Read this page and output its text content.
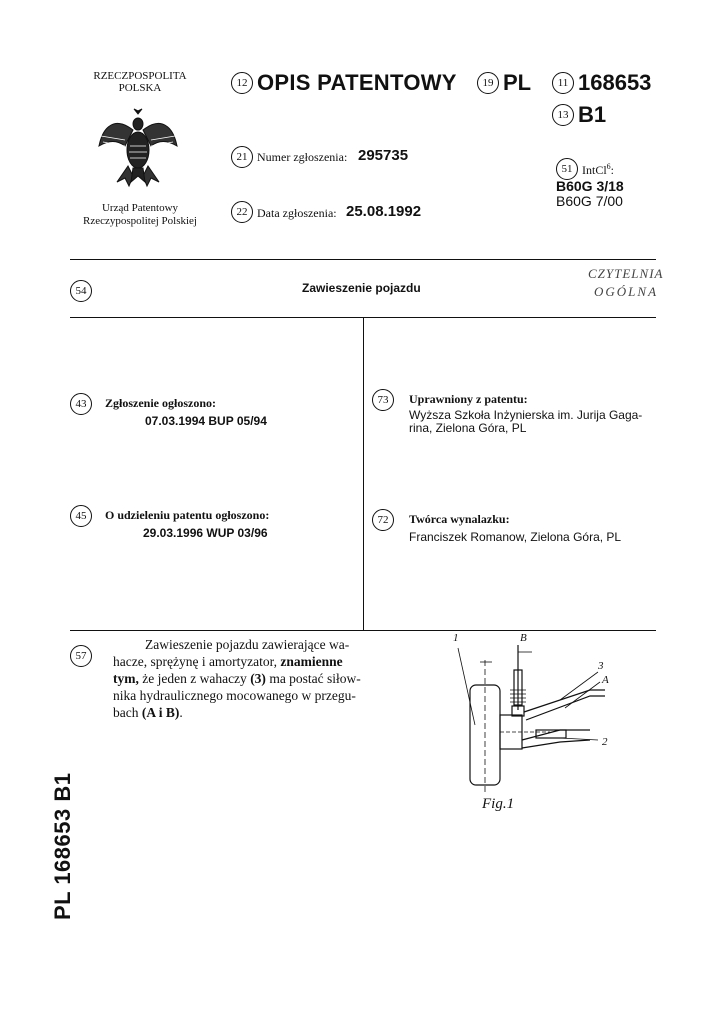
RZECZPOSPOLITA
POLSKA
Urząd Patentowy
Rzeczypospolitej Polskiej
12 OPIS PATENTOWY	19 PL	11 168653
13 B1
21 Numer zgłoszenia: 295735
22 Data zgłoszenia: 25.08.1992
51 IntCl$^6$:
B60G 3/18
B60G 7/00
54	Zawieszenie pojazdu
CZYTELNIA
OGÓLNA
43	Zgłoszenie ogłoszono:
07.03.1994 BUP 05/94
45	O udzieleniu patentu ogłoszono:
29.03.1996 WUP 03/96
73	Uprawniony z patentu:
Wyższa Szkoła Inżynierska im. Jurija Gaga-
rina, Zielona Góra, PL
72	Twórca wynalazku:
Franciszek Romanow, Zielona Góra, PL
57
Zawieszenie pojazdu zawierające wa-
hacze, sprężynę i amortyzator, znamienne
tym, że jeden z wahaczy (3) ma postać siłow-
nika hydraulicznego mocowanego w przegu-
bach (A i B).
1	B
3
A
2
Fig.1
PL 168653 B1
